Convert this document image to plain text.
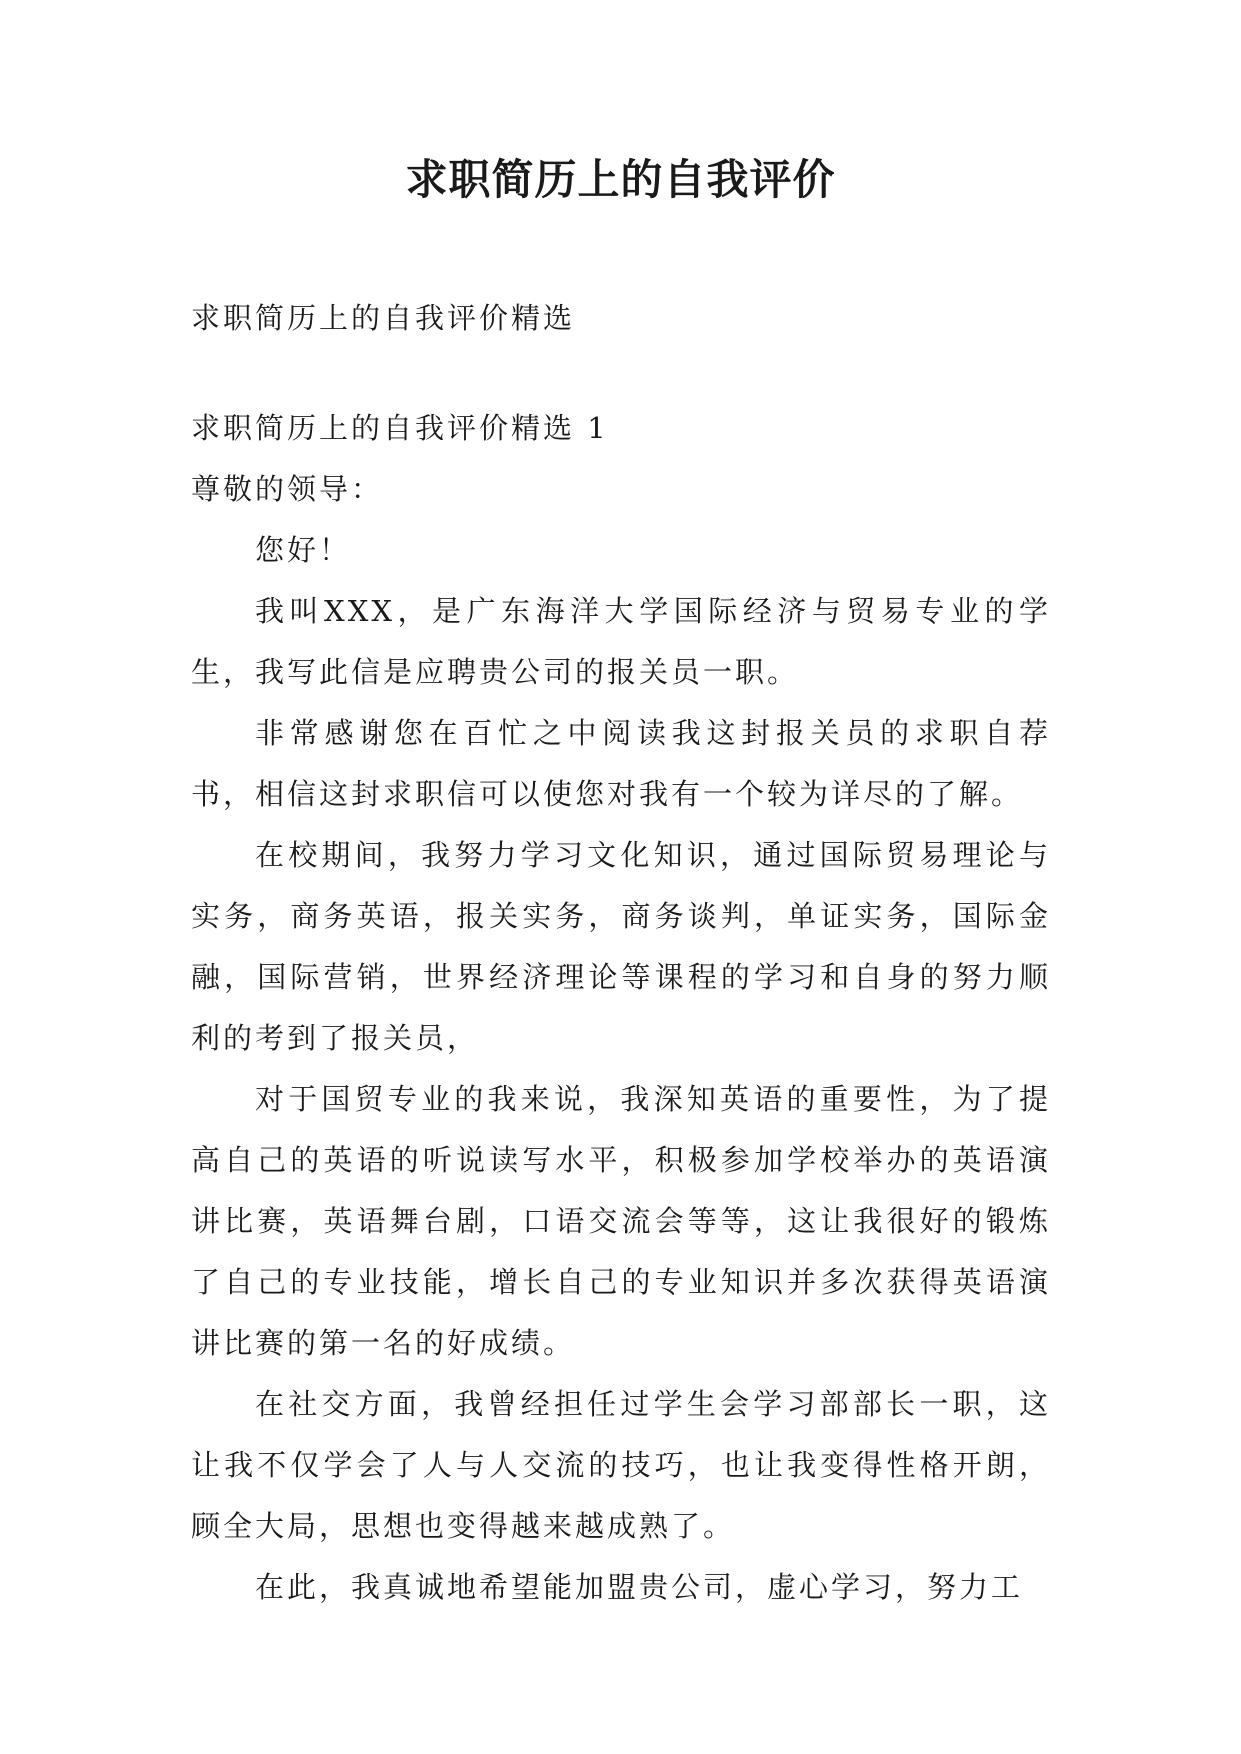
求职简历上的自我评价

求职简历上的自我评价精选

求职简历上的自我评价精选 1

尊敬的领导：

您好！

我叫XXX，是广东海洋大学国际经济与贸易专业的学生，我写此信是应聘贵公司的报关员一职。

非常感谢您在百忙之中阅读我这封报关员的求职自荐书，相信这封求职信可以使您对我有一个较为详尽的了解。

在校期间，我努力学习文化知识，通过国际贸易理论与实务，商务英语，报关实务，商务谈判，单证实务，国际金融，国际营销，世界经济理论等课程的学习和自身的努力顺利的考到了报关员，

对于国贸专业的我来说，我深知英语的重要性，为了提高自己的英语的听说读写水平，积极参加学校举办的英语演讲比赛，英语舞台剧，口语交流会等等，这让我很好的锻炼了自己的专业技能，增长自己的专业知识并多次获得英语演讲比赛的第一名的好成绩。

在社交方面，我曾经担任过学生会学习部部长一职，这让我不仅学会了人与人交流的技巧，也让我变得性格开朗，顾全大局，思想也变得越来越成熟了。

在此，我真诚地希望能加盟贵公司，虚心学习，努力工
